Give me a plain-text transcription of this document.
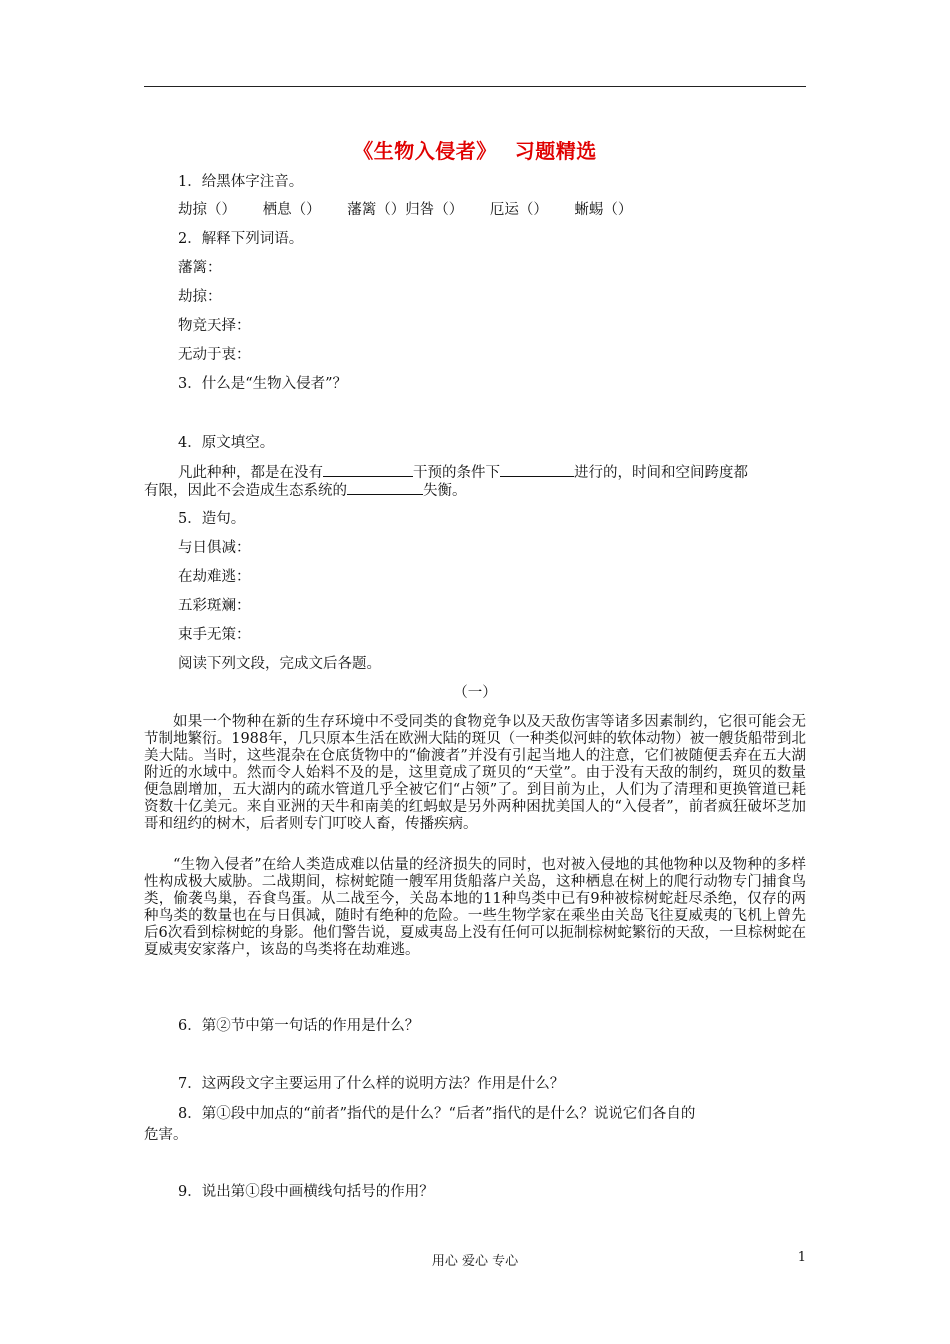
《生物入侵者》　 习题精选
1．给黑体字注音。
劫掠（） 栖息（） 藩篱（）归咎（） 厄运（） 蜥蜴（）
2．解释下列词语。
藩篱：
劫掠：
物竞天择：
无动于衷：
3．什么是“生物入侵者”？
4．原文填空。
凡此种种，都是在没有	干预的条件下	进行的，时间和空间跨度都
有限，因此不会造成生态系统的	失衡。
5．造句。
与日俱减：
在劫难逃：
五彩斑斓：
束手无策：
阅读下列文段，完成文后各题。
（一）
如果一个物种在新的生存环境中不受同类的食物竞争以及天敌伤害等诸多因素制约，它很可能会无节制地繁衍。1988年，几只原本生活在欧洲大陆的斑贝（一种类似河蚌的软体动物）被一艘货船带到北美大陆。当时，这些混杂在仓底货物中的“偷渡者”并没有引起当地人的注意，它们被随便丢弃在五大湖附近的水域中。然而令人始料不及的是，这里竟成了斑贝的“天堂”。由于没有天敌的制约，斑贝的数量便急剧增加，五大湖内的疏水管道几乎全被它们“占领”了。到目前为止，人们为了清理和更换管道已耗资数十亿美元。来自亚洲的天牛和南美的红蚂蚁是另外两种困扰美国人的“入侵者”，前者疯狂破坏芝加哥和纽约的树木，后者则专门叮咬人畜，传播疾病。
“生物入侵者”在给人类造成难以估量的经济损失的同时，也对被入侵地的其他物种以及物种的多样性构成极大威胁。二战期间，棕树蛇随一艘军用货船落户关岛，这种栖息在树上的爬行动物专门捕食鸟类，偷袭鸟巢，吞食鸟蛋。从二战至今，关岛本地的11种鸟类中已有9种被棕树蛇赶尽杀绝，仅存的两种鸟类的数量也在与日俱减，随时有绝种的危险。一些生物学家在乘坐由关岛飞往夏威夷的飞机上曾先后6次看到棕树蛇的身影。他们警告说，夏威夷岛上没有任何可以扼制棕树蛇繁衍的天敌，一旦棕树蛇在夏威夷安家落户，该岛的鸟类将在劫难逃。
6．第②节中第一句话的作用是什么？
7．这两段文字主要运用了什么样的说明方法？作用是什么？
8．第①段中加点的“前者”指代的是什么？“后者”指代的是什么？说说它们各自的
危害。
9．说出第①段中画横线句括号的作用？
用心 爱心 专心	1
